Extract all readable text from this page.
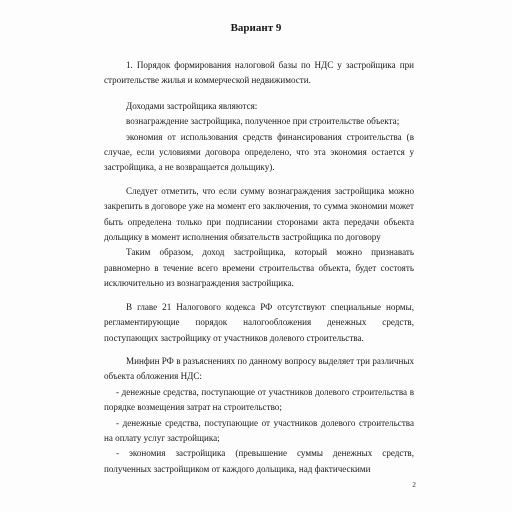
Вариант 9

1. Порядок формирования налоговой базы по НДС у застройщика при строительстве жилья и коммерческой недвижимости.

Доходами застройщика являются:

вознаграждение застройщика, полученное при строительстве объекта;

экономия от использования средств финансирования строительства (в случае, если условиями договора определено, что эта экономия остается у застройщика, а не возвращается дольщику).

Следует отметить, что если сумму вознаграждения застройщика можно закрепить в договоре уже на момент его заключения, то сумма экономии может быть определена только при подписании сторонами акта передачи объекта дольщику в момент исполнения обязательств застройщика по договору

Таким образом, доход застройщика, который можно признавать равномерно в течение всего времени строительства объекта, будет состоять исключительно из вознаграждения застройщика.

В главе 21 Налогового кодекса РФ отсутствуют специальные нормы, регламентирующие порядок налогообложения денежных средств, поступающих застройщику от участников долевого строительства.

Минфин РФ в разъяснениях по данному вопросу выделяет три различных объекта обложения НДС:

- денежные средства, поступающие от участников долевого строительства в порядке возмещения затрат на строительство;

- денежные средства, поступающие от участников долевого строительства на оплату услуг застройщика;

- экономия застройщика (превышение суммы денежных средств, полученных застройщиком от каждого дольщика, над фактическими

2
